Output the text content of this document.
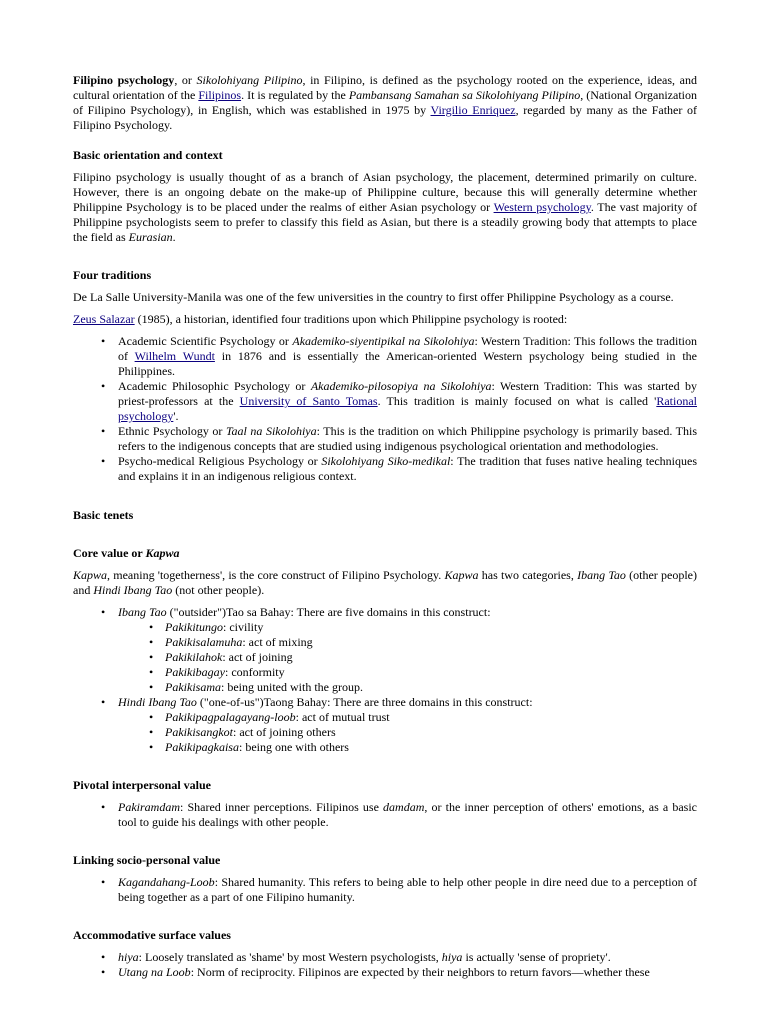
Filipino psychology, or Sikolohiyang Pilipino, in Filipino, is defined as the psychology rooted on the experience, ideas, and cultural orientation of the Filipinos. It is regulated by the Pambansang Samahan sa Sikolohiyang Pilipino, (National Organization of Filipino Psychology), in English, which was established in 1975 by Virgilio Enriquez, regarded by many as the Father of Filipino Psychology.

Basic orientation and context

Filipino psychology is usually thought of as a branch of Asian psychology, the placement, determined primarily on culture. However, there is an ongoing debate on the make-up of Philippine culture, because this will generally determine whether Philippine Psychology is to be placed under the realms of either Asian psychology or Western psychology. The vast majority of Philippine psychologists seem to prefer to classify this field as Asian, but there is a steadily growing body that attempts to place the field as Eurasian.

Four traditions

De La Salle University-Manila was one of the few universities in the country to first offer Philippine Psychology as a course.

Zeus Salazar (1985), a historian, identified four traditions upon which Philippine psychology is rooted:

• Academic Scientific Psychology or Akademiko-siyentipikal na Sikolohiya: Western Tradition: This follows the tradition of Wilhelm Wundt in 1876 and is essentially the American-oriented Western psychology being studied in the Philippines.
• Academic Philosophic Psychology or Akademiko-pilosopiya na Sikolohiya: Western Tradition: This was started by priest-professors at the University of Santo Tomas. This tradition is mainly focused on what is called 'Rational psychology'.
• Ethnic Psychology or Taal na Sikolohiya: This is the tradition on which Philippine psychology is primarily based. This refers to the indigenous concepts that are studied using indigenous psychological orientation and methodologies.
• Psycho-medical Religious Psychology or Sikolohiyang Siko-medikal: The tradition that fuses native healing techniques and explains it in an indigenous religious context.
Basic tenets
Core value or Kapwa

Kapwa, meaning 'togetherness', is the core construct of Filipino Psychology. Kapwa has two categories, Ibang Tao (other people) and Hindi Ibang Tao (not other people).

• Ibang Tao ("outsider")Tao sa Bahay: There are five domains in this construct:
• Pakikitungo: civility
• Pakikisalamuha: act of mixing
• Pakikilahok: act of joining
• Pakikibagay: conformity
• Pakikisama: being united with the group.
• Hindi Ibang Tao ("one-of-us")Taong Bahay: There are three domains in this construct:
• Pakikipagpalagayang-loob: act of mutual trust
• Pakikisangkot: act of joining others
• Pakikipagkaisa: being one with others
Pivotal interpersonal value
• Pakiramdam: Shared inner perceptions. Filipinos use damdam, or the inner perception of others' emotions, as a basic tool to guide his dealings with other people.
Linking socio-personal value
• Kagandahang-Loob: Shared humanity. This refers to being able to help other people in dire need due to a perception of being together as a part of one Filipino humanity.
Accommodative surface values
• hiya: Loosely translated as 'shame' by most Western psychologists, hiya is actually 'sense of propriety'.
• Utang na Loob: Norm of reciprocity. Filipinos are expected by their neighbors to return favors—whether these
